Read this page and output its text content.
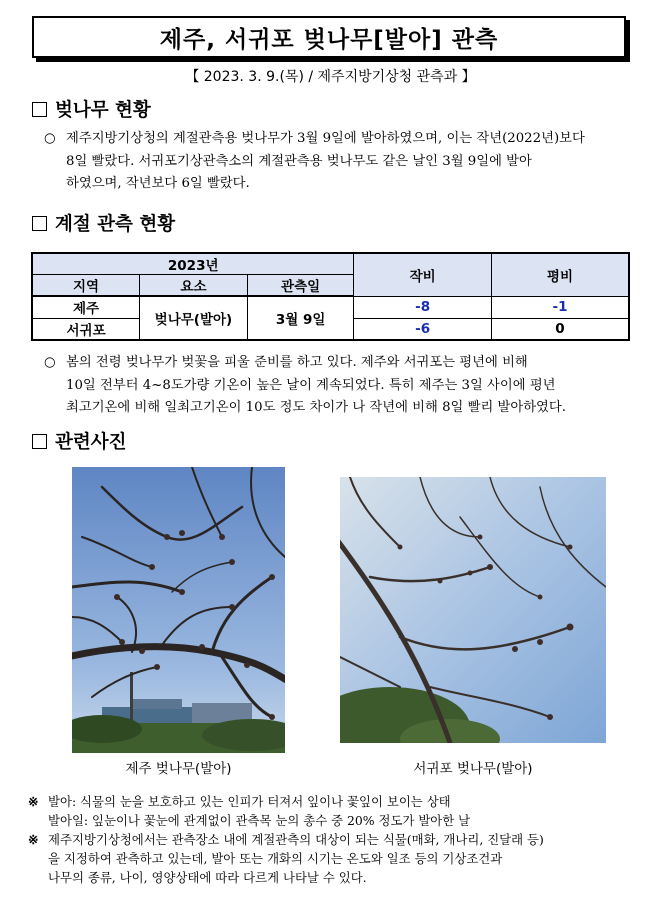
제주, 서귀포 벚나무[발아] 관측
【 2023. 3. 9.(목) / 제주지방기상청 관측과 】
벚나무 현황
○ 제주지방기상청의 계절관측용 벚나무가 3월 9일에 발아하였으며, 이는 작년(2022년)보다
8일 빨랐다. 서귀포기상관측소의 계절관측용 벚나무도 같은 날인 3월 9일에 발아
하였으며, 작년보다 6일 빨랐다.
계절 관측 현황
2023년			작비	평비
지역	요소	관측일		
제주	벚나무(발아)	3월 9일	-8	-1
서귀포			-6	0
○ 봄의 전령 벚나무가 벚꽃을 피울 준비를 하고 있다. 제주와 서귀포는 평년에 비해
10일 전부터 4~8도가량 기온이 높은 날이 계속되었다. 특히 제주는 3일 사이에 평년
최고기온에 비해 일최고기온이 10도 정도 차이가 나 작년에 비해 8일 빨리 발아하였다.
관련사진
제주 벚나무(발아)	서귀포 벚나무(발아)
※ 발아: 식물의 눈을 보호하고 있는 인피가 터져서 잎이나 꽃잎이 보이는 상태
발아일: 잎눈이나 꽃눈에 관계없이 관측목 눈의 총수 중 20% 정도가 발아한 날
※ 제주지방기상청에서는 관측장소 내에 계절관측의 대상이 되는 식물(매화, 개나리, 진달래 등)
을 지정하여 관측하고 있는데, 발아 또는 개화의 시기는 온도와 일조 등의 기상조건과
나무의 종류, 나이, 영양상태에 따라 다르게 나타날 수 있다.
